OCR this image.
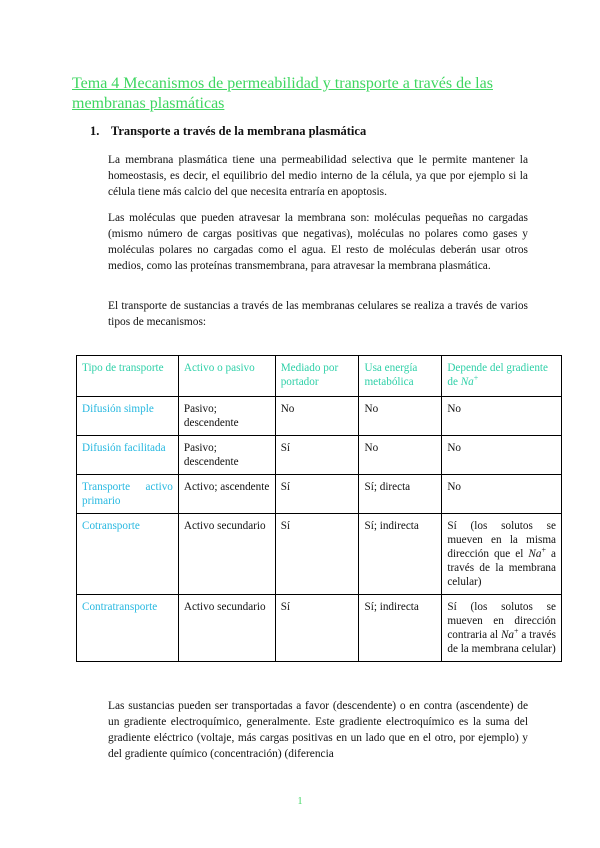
Tema 4 Mecanismos de permeabilidad y transporte a través de las membranas plasmáticas
1. Transporte a través de la membrana plasmática

La membrana plasmática tiene una permeabilidad selectiva que le permite mantener la homeostasis, es decir, el equilibrio del medio interno de la célula, ya que por ejemplo si la célula tiene más calcio del que necesita entraría en apoptosis.

Las moléculas que pueden atravesar la membrana son: moléculas pequeñas no cargadas (mismo número de cargas positivas que negativas), moléculas no polares como gases y moléculas polares no cargadas como el agua. El resto de moléculas deberán usar otros medios, como las proteínas transmembrana, para atravesar la membrana plasmática.

El transporte de sustancias a través de las membranas celulares se realiza a través de varios tipos de mecanismos:

Tipo de transporte	Activo o pasivo	Mediado por portador	Usa energía metabólica	Depende del gradiente de Na+
Difusión simple	Pasivo; descendente	No	No	No
Difusión facilitada	Pasivo; descendente	Sí	No	No
Transporte activo primario	Activo; ascendente	Sí	Sí; directa	No
Cotransporte	Activo secundario	Sí	Sí; indirecta	Sí (los solutos se mueven en la misma dirección que el Na+ a través de la membrana celular)
Contratransporte	Activo secundario	Sí	Sí; indirecta	Sí (los solutos se mueven en dirección contraria al Na+ a través de la membrana celular)

Las sustancias pueden ser transportadas a favor (descendente) o en contra (ascendente) de un gradiente electroquímico, generalmente. Este gradiente electroquímico es la suma del gradiente eléctrico (voltaje, más cargas positivas en un lado que en el otro, por ejemplo) y del gradiente químico (concentración) (diferencia

1
